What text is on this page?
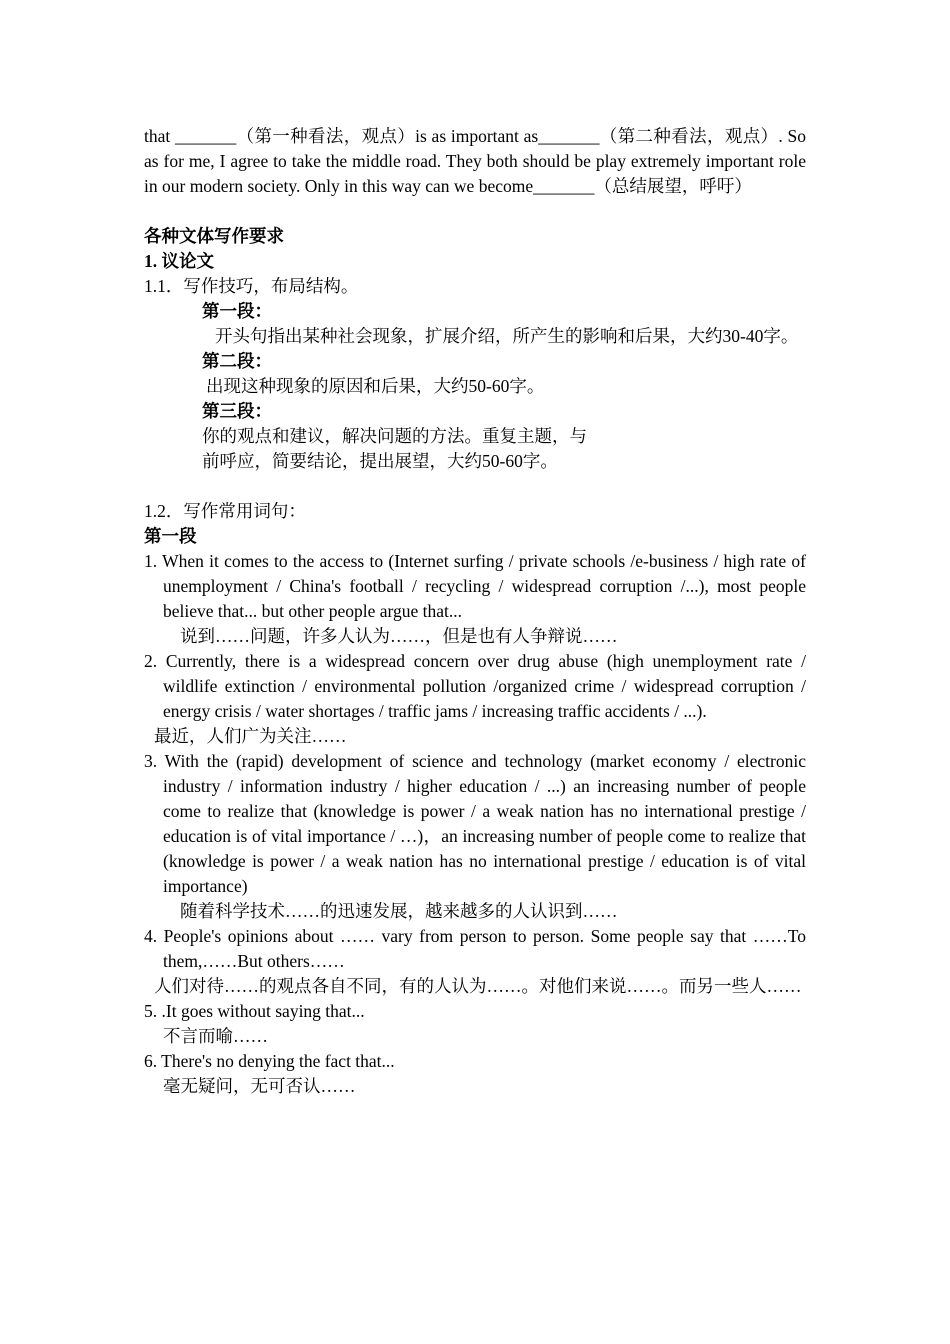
that _______（第一种看法，观点）is as important as_______（第二种看法，观点）. So as for me, I agree to take the middle road. They both should be play extremely important role in our modern society. Only in this way can we become_______（总结展望，呼吁）
各种文体写作要求
1. 议论文
1.1．写作技巧，布局结构。
第一段：
开头句指出某种社会现象，扩展介绍，所产生的影响和后果，大约30-40字。
第二段：
出现这种现象的原因和后果，大约50-60字。
第三段：
你的观点和建议，解决问题的方法。重复主题，与前呼应，简要结论，提出展望，大约50-60字。
1.2．写作常用词句：
第一段
1. When it comes to the access to (Internet surfing / private schools /e-business / high rate of unemployment / China's football / recycling / widespread corruption /...), most people believe that... but other people argue that...
说到……问题，许多人认为……，但是也有人争辩说……
2. Currently, there is a widespread concern over drug abuse (high unemployment rate / wildlife extinction / environmental pollution /organized crime / widespread corruption / energy crisis / water shortages / traffic jams / increasing traffic accidents / ...).
最近，人们广为关注……
3. With the (rapid) development of science and technology (market economy / electronic industry / information industry / higher education / ...) an increasing number of people come to realize that (knowledge is power / a weak nation has no international prestige / education is of vital importance / …)，an increasing number of people come to realize that (knowledge is power / a weak nation has no international prestige / education is of vital importance)
随着科学技术……的迅速发展，越来越多的人认识到……
4. People's opinions about …… vary from person to person. Some people say that ……To them,……But others……
人们对待……的观点各自不同，有的人认为……。对他们来说……。而另一些人……
5. .It goes without saying that...
不言而喻……
6. There's no denying the fact that...
毫无疑问，无可否认……
